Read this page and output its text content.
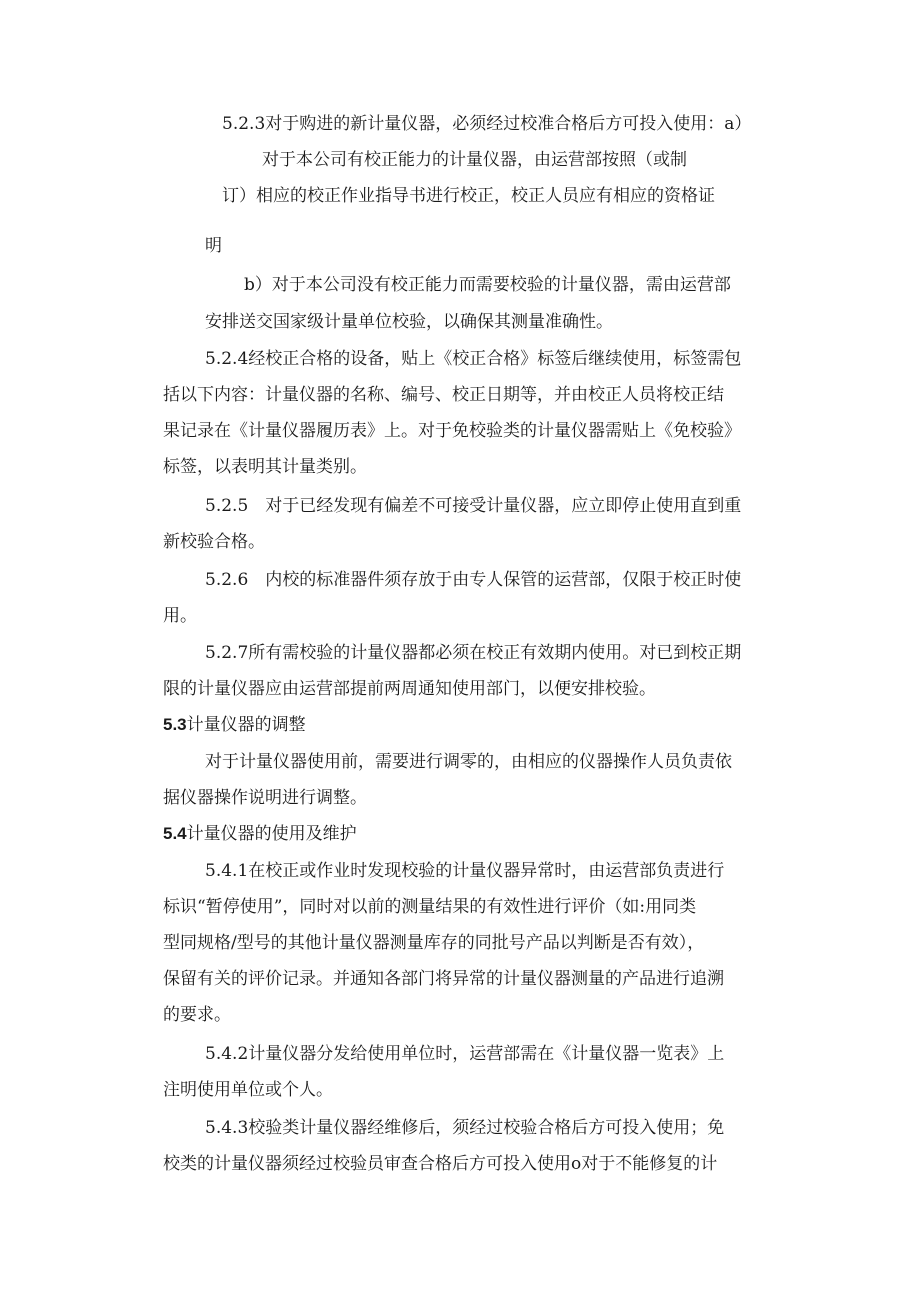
5.2.3对于购进的新计量仪器，必须经过校准合格后方可投入使用：a）

对于本公司有校正能力的计量仪器，由运营部按照（或制

订）相应的校正作业指导书进行校正，校正人员应有相应的资格证

明

b）对于本公司没有校正能力而需要校验的计量仪器，需由运营部

安排送交国家级计量单位校验，以确保其测量准确性。

5.2.4经校正合格的设备，贴上《校正合格》标签后继续使用，标签需包

括以下内容：计量仪器的名称、编号、校正日期等，并由校正人员将校正结

果记录在《计量仪器履历表》上。对于免校验类的计量仪器需贴上《免校验》

标签，以表明其计量类别。

5.2.5　对于已经发现有偏差不可接受计量仪器，应立即停止使用直到重

新校验合格。

5.2.6　内校的标准器件须存放于由专人保管的运营部，仅限于校正时使

用。

5.2.7所有需校验的计量仪器都必须在校正有效期内使用。对已到校正期

限的计量仪器应由运营部提前两周通知使用部门，以便安排校验。

5.3计量仪器的调整

对于计量仪器使用前，需要进行调零的，由相应的仪器操作人员负责依

据仪器操作说明进行调整。

5.4计量仪器的使用及维护

5.4.1在校正或作业时发现校验的计量仪器异常时，由运营部负责进行

标识“暂停使用”，同时对以前的测量结果的有效性进行评价（如:用同类

型同规格/型号的其他计量仪器测量库存的同批号产品以判断是否有效），

保留有关的评价记录。并通知各部门将异常的计量仪器测量的产品进行追溯

的要求。

5.4.2计量仪器分发给使用单位时，运营部需在《计量仪器一览表》上

注明使用单位或个人。

5.4.3校验类计量仪器经维修后，须经过校验合格后方可投入使用；免

校类的计量仪器须经过校验员审查合格后方可投入使用o对于不能修复的计
